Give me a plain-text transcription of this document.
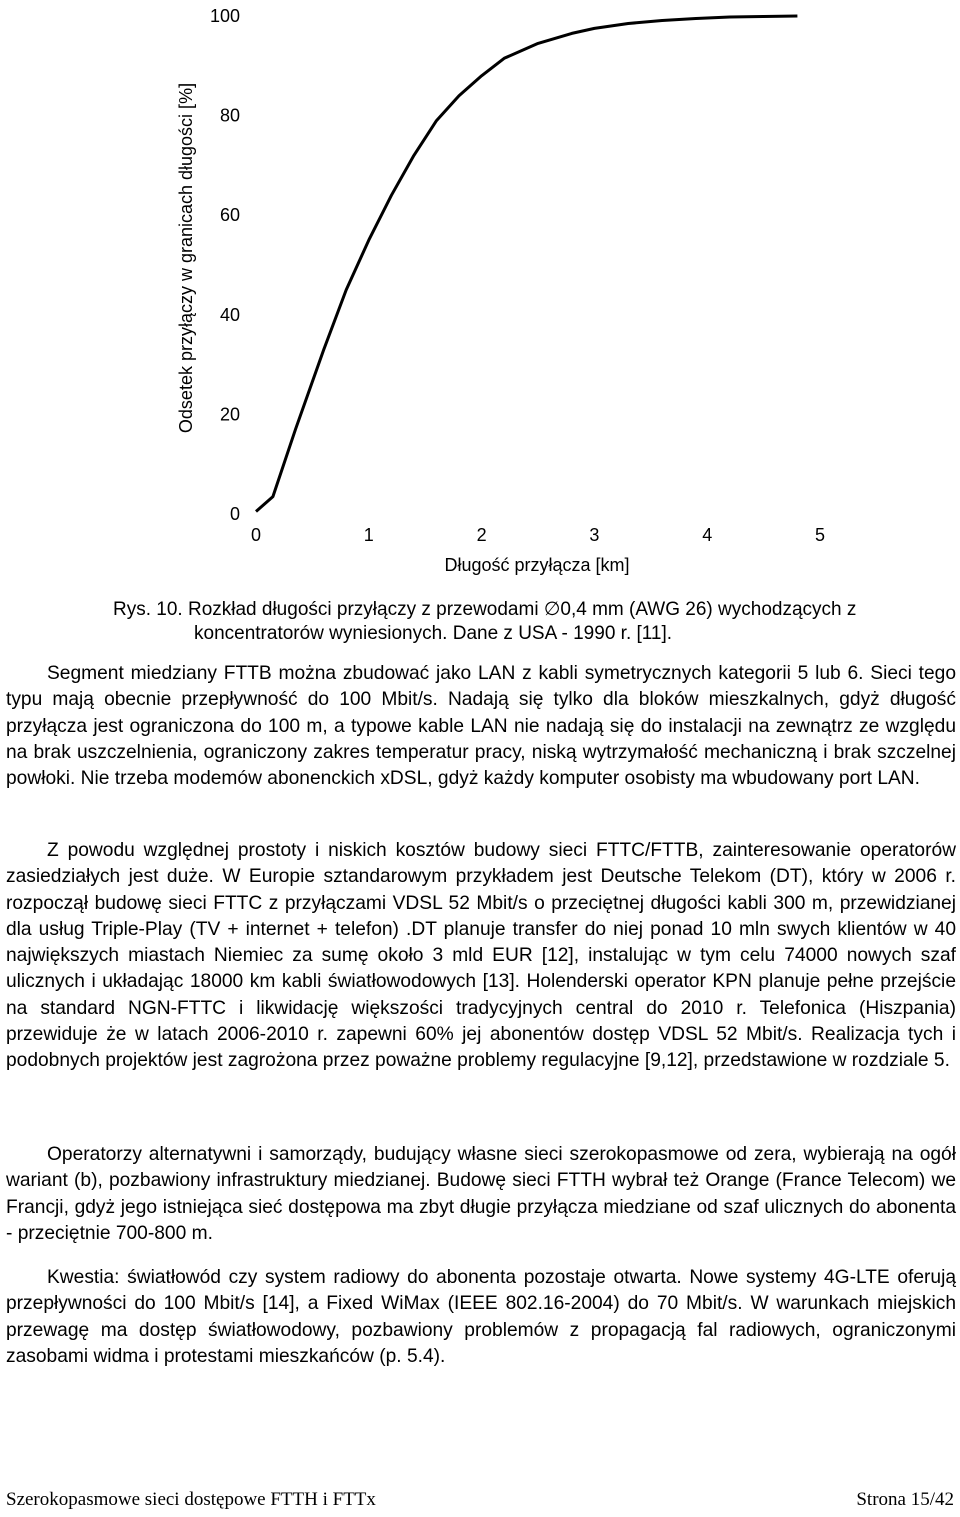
Odsetek przyłączy w granicach długości [%]
Długość przyłącza [km]
0
20
40
60
80
100
0	1	2	3	4	5
Rys. 10. Rozkład długości przyłączy z przewodami ∅0,4 mm (AWG 26) wychodzących z
koncentratorów wyniesionych. Dane z USA - 1990 r. [11].

Segment miedziany FTTB można zbudować jako LAN z kabli symetrycznych kategorii 5 lub 6. Sieci tego typu mają obecnie przepływność do 100 Mbit/s. Nadają się tylko dla bloków mieszkalnych, gdyż długość przyłącza jest ograniczona do 100 m, a typowe kable LAN nie nadają się do instalacji na zewnątrz ze względu na brak uszczelnienia, ograniczony zakres temperatur pracy, niską wytrzymałość mechaniczną i brak szczelnej powłoki. Nie trzeba modemów abonenckich xDSL, gdyż każdy komputer osobisty ma wbudowany port LAN.

Z powodu względnej prostoty i niskich kosztów budowy sieci FTTC/FTTB, zainteresowanie operatorów zasiedziałych jest duże. W Europie sztandarowym przykładem jest Deutsche Telekom (DT), który w 2006 r. rozpoczął budowę sieci FTTC z przyłączami VDSL 52 Mbit/s o przeciętnej długości kabli 300 m, przewidzianej dla usług Triple-Play (TV + internet + telefon) .DT planuje transfer do niej ponad 10 mln swych klientów w 40 największych miastach Niemiec za sumę około 3 mld EUR [12], instalując w tym celu 74000 nowych szaf ulicznych i układając 18000 km kabli światłowodowych [13]. Holenderski operator KPN planuje pełne przejście na standard NGN-FTTC i likwidację większości tradycyjnych central do 2010 r. Telefonica (Hiszpania) przewiduje że w latach 2006-2010 r. zapewni 60% jej abonentów dostęp VDSL 52 Mbit/s. Realizacja tych i podobnych projektów jest zagrożona przez poważne problemy regulacyjne [9,12], przedstawione w rozdziale 5.

Operatorzy alternatywni i samorządy, budujący własne sieci szerokopasmowe od zera, wybierają na ogół wariant (b), pozbawiony infrastruktury miedzianej. Budowę sieci FTTH wybrał też Orange (France Telecom) we Francji, gdyż jego istniejąca sieć dostępowa ma zbyt długie przyłącza miedziane od szaf ulicznych do abonenta - przeciętnie 700-800 m.

Kwestia: światłowód czy system radiowy do abonenta pozostaje otwarta. Nowe systemy 4G-LTE oferują przepływności do 100 Mbit/s [14], a Fixed WiMax (IEEE 802.16-2004) do 70 Mbit/s. W warunkach miejskich przewagę ma dostęp światłowodowy, pozbawiony problemów z propagacją fal radiowych, ograniczonymi zasobami widma i protestami mieszkańców (p. 5.4).

Szerokopasmowe sieci dostępowe FTTH i FTTx	Strona 15/42
